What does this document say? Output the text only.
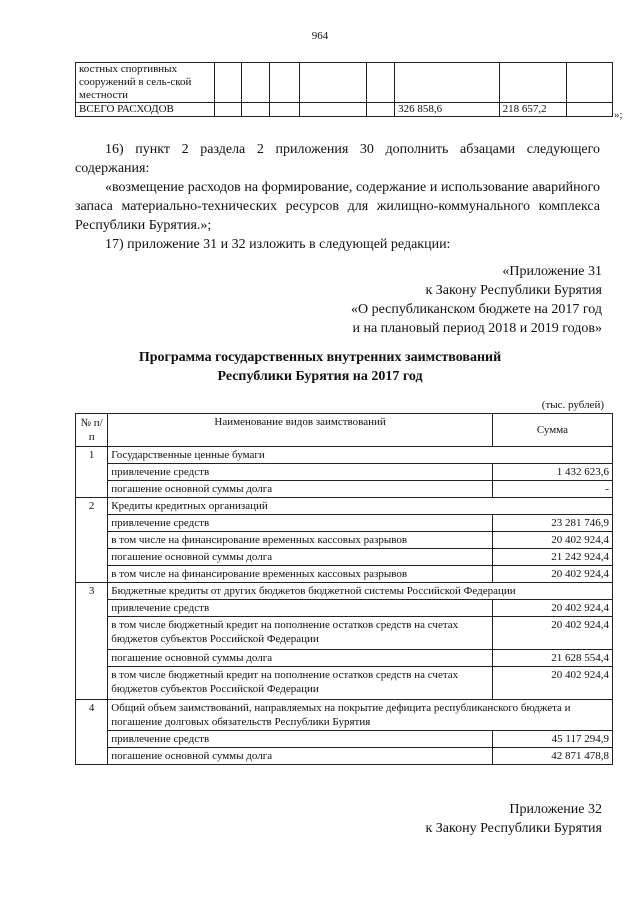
964
костных спортивных сооружений в сель-ской местности								
ВСЕГО РАСХОДОВ						326 858,6	218 657,2		»;
16) пункт 2 раздела 2 приложения 30 дополнить абзацами следующего содержания:
«возмещение расходов на формирование, содержание и использование аварийного запаса материально-технических ресурсов для жилищно-коммунального комплекса Республики Бурятия.»;
17) приложение 31 и 32 изложить в следующей редакции:
«Приложение 31
к Закону Республики Бурятия
«О республиканском бюджете на 2017 год
и на плановый период 2018 и 2019 годов»
Программа государственных внутренних заимствований
Республики Бурятия на 2017 год
(тыс. рублей)
№ п/п	Наименование видов заимствований	Сумма
1	Государственные ценные бумаги	
	привлечение средств	1 432 623,6
	погашение основной суммы долга	-
2	Кредиты кредитных организаций	
	привлечение средств	23 281 746,9
	в том числе на финансирование временных кассовых разрывов	20 402 924,4
	погашение основной суммы долга	21 242 924,4
	в том числе на финансирование временных кассовых разрывов	20 402 924,4
3	Бюджетные кредиты от других бюджетов бюджетной системы Российской Федерации	
	привлечение средств	20 402 924,4
	в том числе бюджетный кредит на пополнение остатков средств на счетах бюджетов субъектов Российской Федерации	20 402 924,4
	погашение основной суммы долга	21 628 554,4
	в том числе бюджетный кредит на пополнение остатков средств на счетах бюджетов субъектов Российской Федерации	20 402 924,4
4	Общий объем заимствований, направляемых на покрытие дефицита республиканского бюджета и погашение долговых обязательств Республики Бурятия	
	привлечение средств	45 117 294,9
	погашение основной суммы долга	42 871 478,8
Приложение 32
к Закону Республики Бурятия
